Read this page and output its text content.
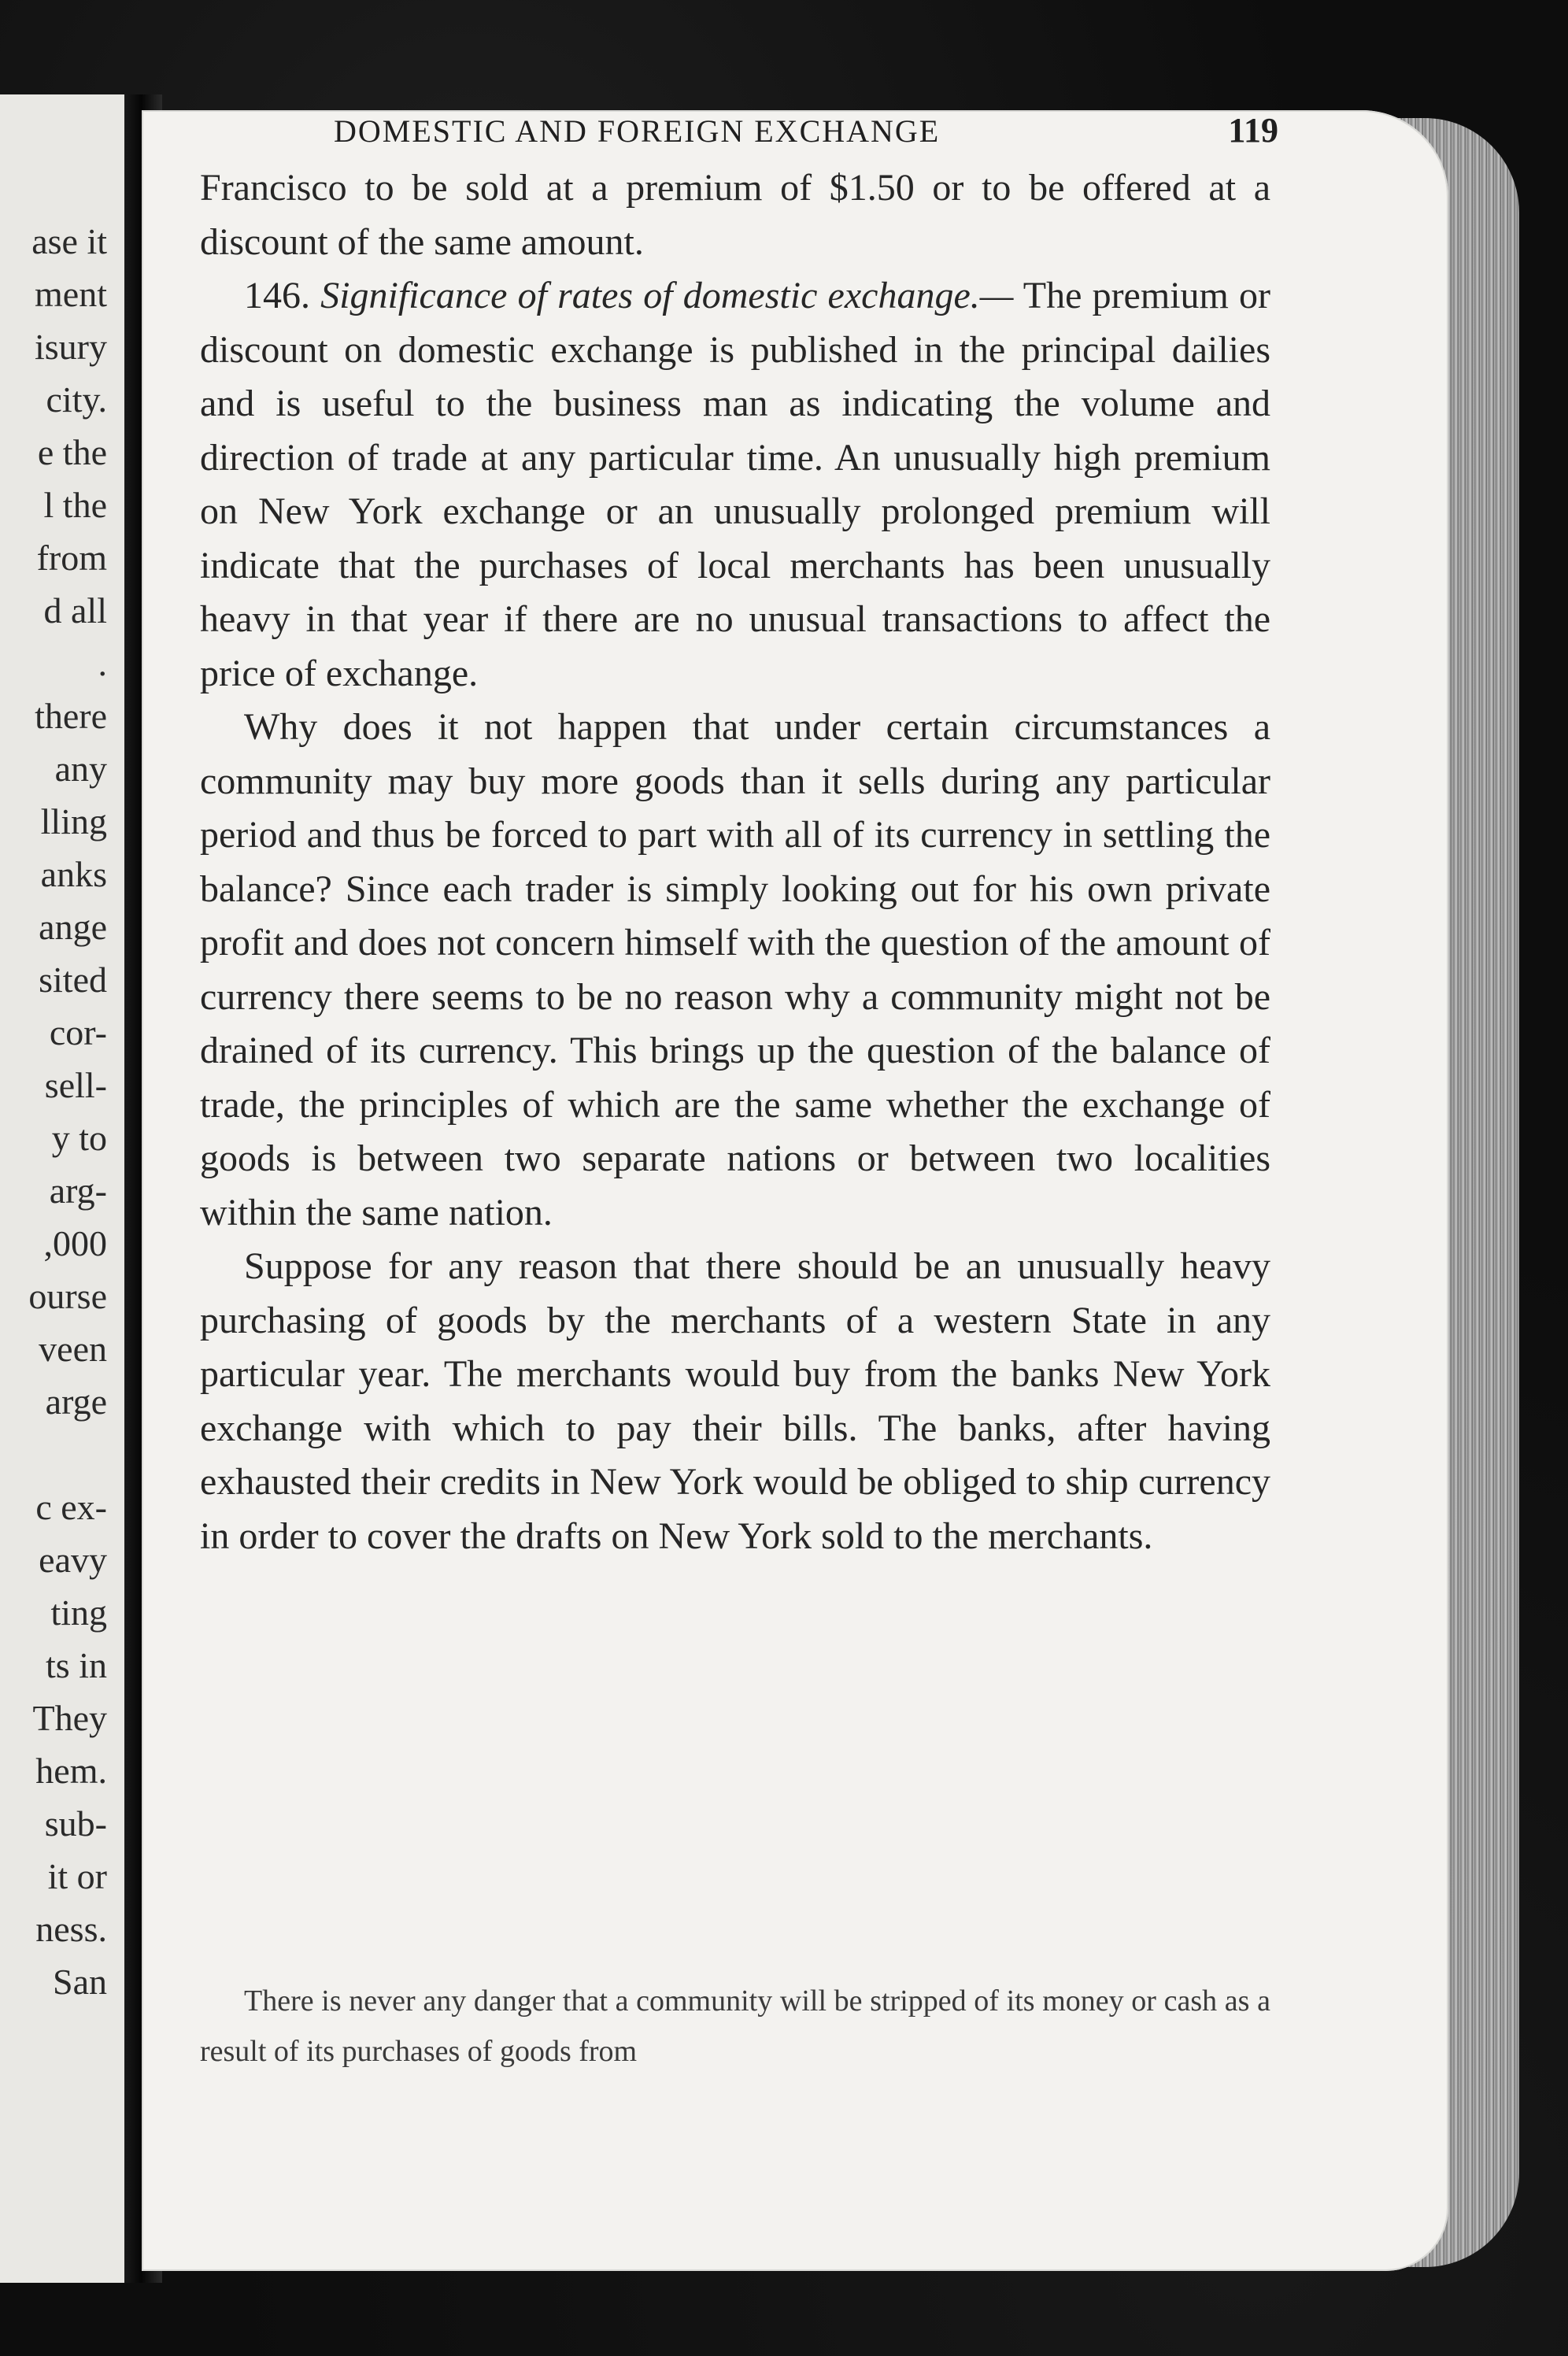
ase it
ment
isury
city.
e the
l the
from
d all
.
there
any
lling
anks
ange
sited
cor-
sell-
y to
arg-
,000
ourse
veen
arge
c ex-
eavy
ting
ts in
They
hem.
sub-
it or
ness.
San
DOMESTIC AND FOREIGN EXCHANGE	119

Francisco to be sold at a premium of $1.50 or to be offered at a discount of the same amount.

146. Significance of rates of domestic exchange.— The premium or discount on domestic exchange is published in the principal dailies and is useful to the business man as indicating the volume and direction of trade at any particular time. An unusually high premium on New York exchange or an unusually prolonged premium will indicate that the purchases of local merchants has been unusually heavy in that year if there are no unusual transactions to affect the price of exchange.

Why does it not happen that under certain circumstances a community may buy more goods than it sells during any particular period and thus be forced to part with all of its currency in settling the balance? Since each trader is simply looking out for his own private profit and does not concern himself with the question of the amount of currency there seems to be no reason why a community might not be drained of its currency. This brings up the question of the balance of trade, the principles of which are the same whether the exchange of goods is between two separate nations or between two localities within the same nation.

Suppose for any reason that there should be an unusually heavy purchasing of goods by the merchants of a western State in any particular year. The merchants would buy from the banks New York exchange with which to pay their bills. The banks, after having exhausted their credits in New York would be obliged to ship currency in order to cover the drafts on New York sold to the merchants.

There is never any danger that a community will be stripped of its money or cash as a result of its purchases of goods from
